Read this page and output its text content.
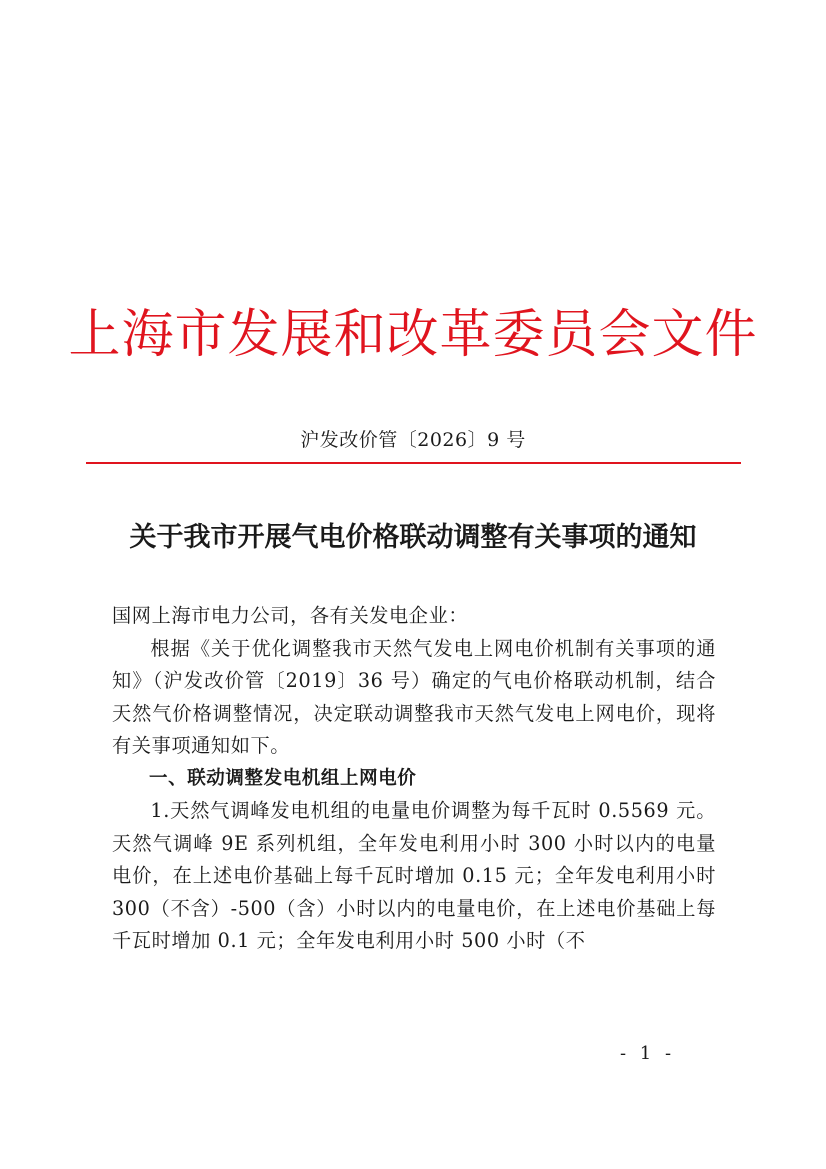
上海市发展和改革委员会文件
沪发改价管〔2026〕9 号
关于我市开展气电价格联动调整有关事项的通知

国网上海市电力公司，各有关发电企业：

根据《关于优化调整我市天然气发电上网电价机制有关事项的通知》（沪发改价管〔2019〕36 号）确定的气电价格联动机制，结合天然气价格调整情况，决定联动调整我市天然气发电上网电价，现将有关事项通知如下。

一、联动调整发电机组上网电价

1.天然气调峰发电机组的电量电价调整为每千瓦时 0.5569 元。天然气调峰 9E 系列机组，全年发电利用小时 300 小时以内的电量电价，在上述电价基础上每千瓦时增加 0.15 元；全年发电利用小时 300（不含）-500（含）小时以内的电量电价，在上述电价基础上每千瓦时增加 0.1 元；全年发电利用小时 500 小时（不

- 1 -
